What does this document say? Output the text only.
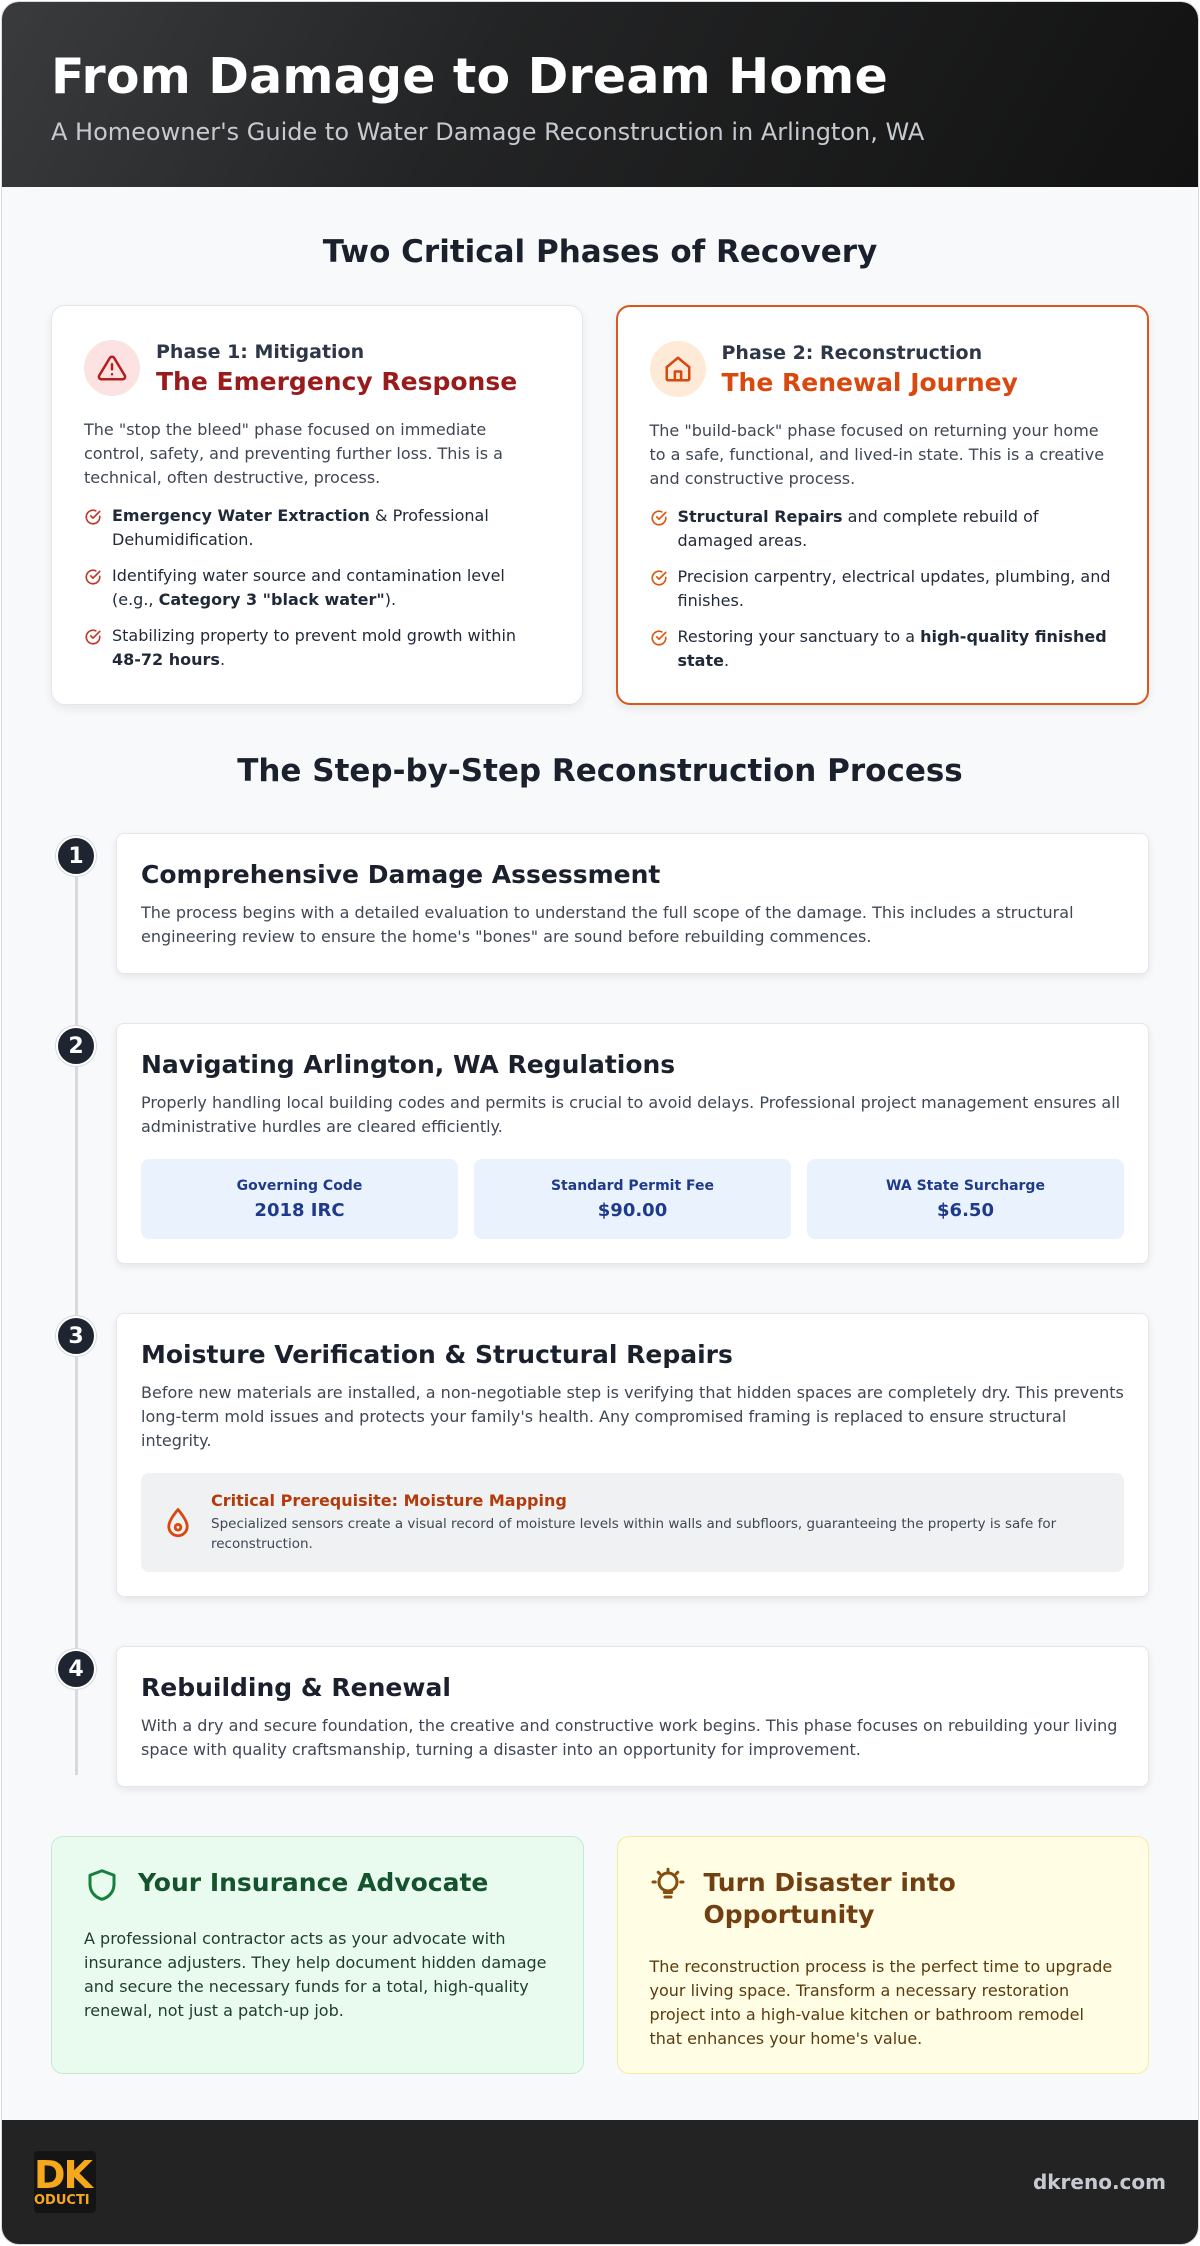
From Damage to Dream Home

A Homeowner's Guide to Water Damage Reconstruction in Arlington, WA

Two Critical Phases of Recovery
Phase 1: Mitigation
The Emergency Response

The "stop the bleed" phase focused on immediate control, safety, and preventing further loss. This is a technical, often destructive, process.

Emergency Water Extraction & Professional Dehumidification.
Identifying water source and contamination level (e.g., Category 3 "black water").
Stabilizing property to prevent mold growth within 48-72 hours.
Phase 2: Reconstruction
The Renewal Journey

The "build-back" phase focused on returning your home to a safe, functional, and lived-in state. This is a creative and constructive process.

Structural Repairs and complete rebuild of damaged areas.
Precision carpentry, electrical updates, plumbing, and finishes.
Restoring your sanctuary to a high-quality finished state.
The Step-by-Step Reconstruction Process
1
Comprehensive Damage Assessment

The process begins with a detailed evaluation to understand the full scope of the damage. This includes a structural engineering review to ensure the home's "bones" are sound before rebuilding commences.

2
Navigating Arlington, WA Regulations

Properly handling local building codes and permits is crucial to avoid delays. Professional project management ensures all administrative hurdles are cleared efficiently.

Governing Code
2018 IRC
Standard Permit Fee
$90.00
WA State Surcharge
$6.50
3
Moisture Verification & Structural Repairs

Before new materials are installed, a non-negotiable step is verifying that hidden spaces are completely dry. This prevents long-term mold issues and protects your family's health. Any compromised framing is replaced to ensure structural integrity.

Critical Prerequisite: Moisture Mapping

Specialized sensors create a visual record of moisture levels within walls and subfloors, guaranteeing the property is safe for reconstruction.

4
Rebuilding & Renewal

With a dry and secure foundation, the creative and constructive work begins. This phase focuses on rebuilding your living space with quality craftsmanship, turning a disaster into an opportunity for improvement.

Your Insurance Advocate

A professional contractor acts as your advocate with insurance adjusters. They help document hidden damage and secure the necessary funds for a total, high-quality renewal, not just a patch-up job.

Turn Disaster into Opportunity

The reconstruction process is the perfect time to upgrade your living space. Transform a necessary restoration project into a high-value kitchen or bathroom remodel that enhances your home's value.

DK
ODUCTI
dkreno.com
